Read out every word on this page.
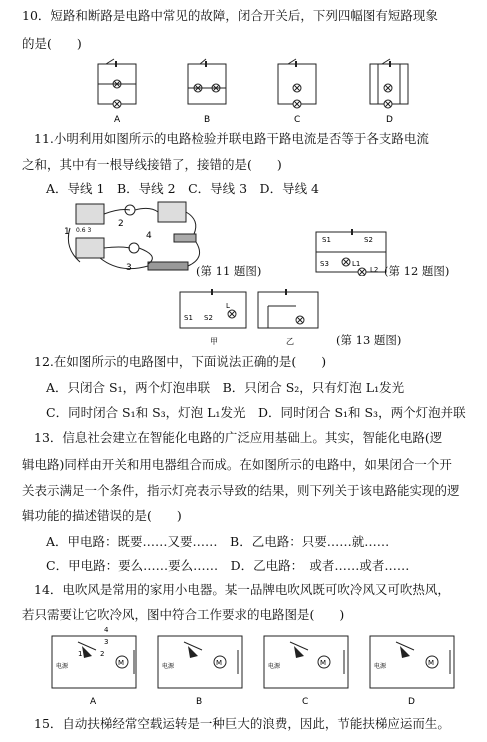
10．短路和断路是电路中常见的故障，闭合开关后，下列四幅图有短路现象
的是(　　)
A	B	C	D
11.小明利用如图所示的电路检验并联电路干路电流是否等于各支路电流
之和，其中有一根导线接错了，接错的是(　　)
A．导线 1　B．导线 2　C．导线 3　D．导线 4
1
2
3
4
0.6 3
(第 11 题图)
S1	S2
S3	L1
L2 (第 12 题图)
S1 S2
L
甲	乙	(第 13 题图)
12.在如图所示的电路图中，下面说法正确的是(　　)
A．只闭合 S₁，两个灯泡串联　B．只闭合 S₂，只有灯泡 L₁发光
C．同时闭合 S₁和 S₃，灯泡 L₁发光　D．同时闭合 S₁和 S₃，两个灯泡并联
13．信息社会建立在智能化电路的广泛应用基础上。其实，智能化电路(逻
辑电路)同样由开关和用电器组合而成。在如图所示的电路中，如果闭合一个开
关表示满足一个条件，指示灯亮表示导致的结果，则下列关于该电路能实现的逻
辑功能的描述错误的是(　　)
A．甲电路：既要……又要……　B．乙电路：只要……就……
C．甲电路：要么……要么……　D．乙电路：　或者……或者……
14．电吹风是常用的家用小电器。某一品牌电吹风既可吹冷风又可吹热风，
若只需要让它吹冷风，图中符合工作要求的电路图是(　　)
M	M	M	M
电源	电源	电源	电源
4
3
2
1
A	B	C	D
15．自动扶梯经常空载运转是一种巨大的浪费，因此，节能扶梯应运而生。
